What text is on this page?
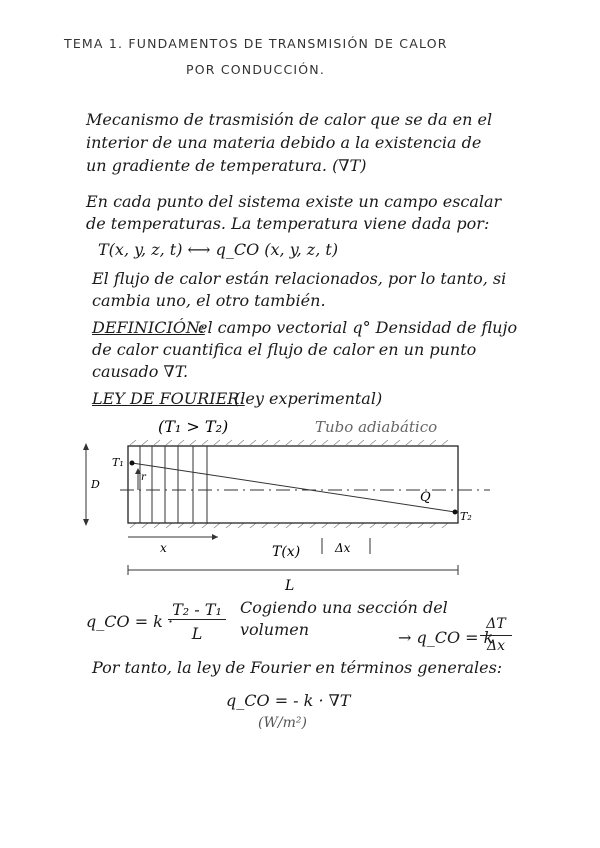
TEMA 1. FUNDAMENTOS DE TRANSMISIÓN DE CALOR
POR CONDUCCIÓN.
Mecanismo de trasmisión de calor que se da en el
interior de una materia debido a la existencia de
un gradiente de temperatura. (∇T)
En cada punto del sistema existe un campo escalar
de temperaturas. La temperatura viene dada por:
T(x, y, z, t) ⟷ q_CO (x, y, z, t)
El flujo de calor están relacionados, por lo tanto, si
cambia uno, el otro también.
DEFINICIÓN:
el campo vectorial q° Densidad de flujo
de calor cuantifica el flujo de calor en un punto
causado ∇T.
LEY DE FOURIER:
(ley experimental)
(T₁ > T₂)	Tubo adiabático
T₁
T₂
r
D
Q
x	T(x)	Δx
L
q_CO = k ·
T₂ - T₁
L
Cogiendo una sección del
volumen	→ q_CO = k
ΔT
Δx
Por tanto, la ley de Fourier en términos generales:
q_CO = - k · ∇T
(W/m²)
